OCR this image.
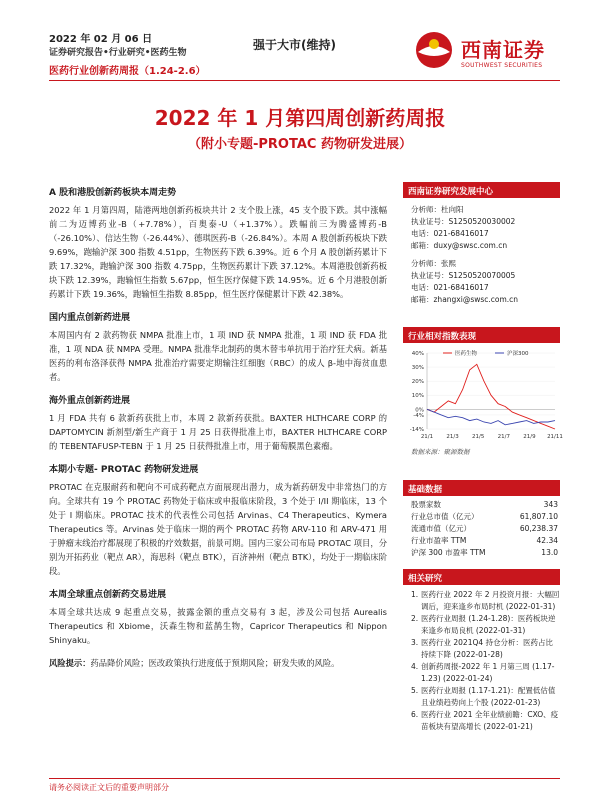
2022 年 02 月 06 日
证券研究报告•行业研究•医药生物
医药行业创新药周报（1.24-2.6）
强于大市(维持)	西南证券
SOUTHWEST SECURITIES
2022 年 1 月第四周创新药周报
（附小专题-PROTAC 药物研发进展）
A 股和港股创新药板块本周走势
2022 年 1 月第四周，陆港两地创新药板块共计 2 支个股上涨，45 支个股下跌。其中涨幅前二为迈博药业-B（+7.78%），百奥泰-U（+1.37%）。跌幅前三为腾盛博药-B（-26.10%）、信达生物（-26.44%）、德琪医药-B（-26.84%）。本周 A 股创新药板块下跌 9.69%，跑输沪深 300 指数 4.51pp，生物医药下跌 6.39%。近 6 个月 A 股创新药累计下跌 17.32%，跑输沪深 300 指数 4.75pp，生物医药累计下跌 37.12%。本周港股创新药板块下跌 12.39%，跑输恒生指数 5.67pp，恒生医疗保健下跌 14.95%。近 6 个月港股创新药累计下跌 19.36%，跑输恒生指数 8.85pp，恒生医疗保健累计下跌 42.38%。
国内重点创新药进展
本周国内有 2 款药物获 NMPA 批准上市，1 项 IND 获 NMPA 批准，1 项 IND 获 FDA 批准，1 项 NDA 获 NMPA 受理。NMPA 批准华北制药的奥木替韦单抗用于治疗狂犬病。新基医药的利布洛泽获得 NMPA 批准治疗需要定期输注红细胞（RBC）的成人 β-地中海贫血患者。
海外重点创新药进展
1 月 FDA 共有 6 款新药获批上市，本周 2 款新药获批。BAXTER HLTHCARE CORP 的 DAPTOMYCIN 新剂型/新生产商于 1 月 25 日获得批准上市，BAXTER HLTHCARE CORP 的 TEBENTAFUSP-TEBN 于 1 月 25 日获得批准上市，用于葡萄膜黑色素瘤。
本期小专题- PROTAC 药物研发进展
PROTAC 在克服耐药和靶向不可成药靶点方面展现出潜力，成为新药研发中非常热门的方向。全球共有 19 个 PROTAC 药物处于临床或申报临床阶段，3 个处于 I/II 期临床，13 个处于 I 期临床。PROTAC 技术的代表性公司包括 Arvinas、C4 Therapeutics、Kymera Therapeutics 等。Arvinas 处于临床一期的两个 PROTAC 药物 ARV-110 和 ARV-471 用于肿瘤末线治疗都展现了积极的疗效数据，前景可期。国内三家公司布局 PROTAC 项目，分别为开拓药业（靶点 AR），海思科（靶点 BTK），百济神州（靶点 BTK），均处于一期临床阶段。
本周全球重点创新药交易进展
本周全球共达成 9 起重点交易，披露金额的重点交易有 3 起，涉及公司包括 Aurealis Therapeutics 和 Xbiome，沃森生物和蓝鹊生物，Capricor Therapeutics 和 Nippon Shinyaku。
风险提示：药品降价风险；医改政策执行进度低于预期风险；研发失败的风险。
西南证券研究发展中心
分析师：杜向阳
执业证号：S1250520030002
电话：021-68416017
邮箱：duxy@swsc.com.cn
分析师：张熙
执业证号：S1250520070005
电话：021-68416017
邮箱：zhangxi@swsc.com.cn
行业相对指数表现
40%
30%
20%
10%
0%
-4%
-14%
21/1 21/3 21/5 21/7 21/9 21/11
医药生物	沪深300
数据来源：聚源数据
基础数据
股票家数	343
行业总市值（亿元）	61,807.10
流通市值（亿元）	60,238.37
行业市盈率 TTM	42.34
沪深 300 市盈率 TTM	13.0
相关研究
1. 医药行业 2022 年 2 月投资月报：大幅回调后，迎来逢乡布局时机 (2022-01-31)
2. 医药行业周报 (1.24-1.28)：医药板块逆来逢乡布局良机 (2022-01-31)
3. 医药行业 2021Q4 持仓分析：医药占比持续下降 (2022-01-28)
4. 创新药周报-2022 年 1 月第三周 (1.17-1.23) (2022-01-24)
5. 医药行业周报 (1.17-1.21)：配置低估值且业绩趋势向上个股 (2022-01-23)
6. 医药行业 2021 全年业绩前瞻：CXO、疫苗板块有望高增长 (2022-01-21)
请务必阅读正文后的重要声明部分
